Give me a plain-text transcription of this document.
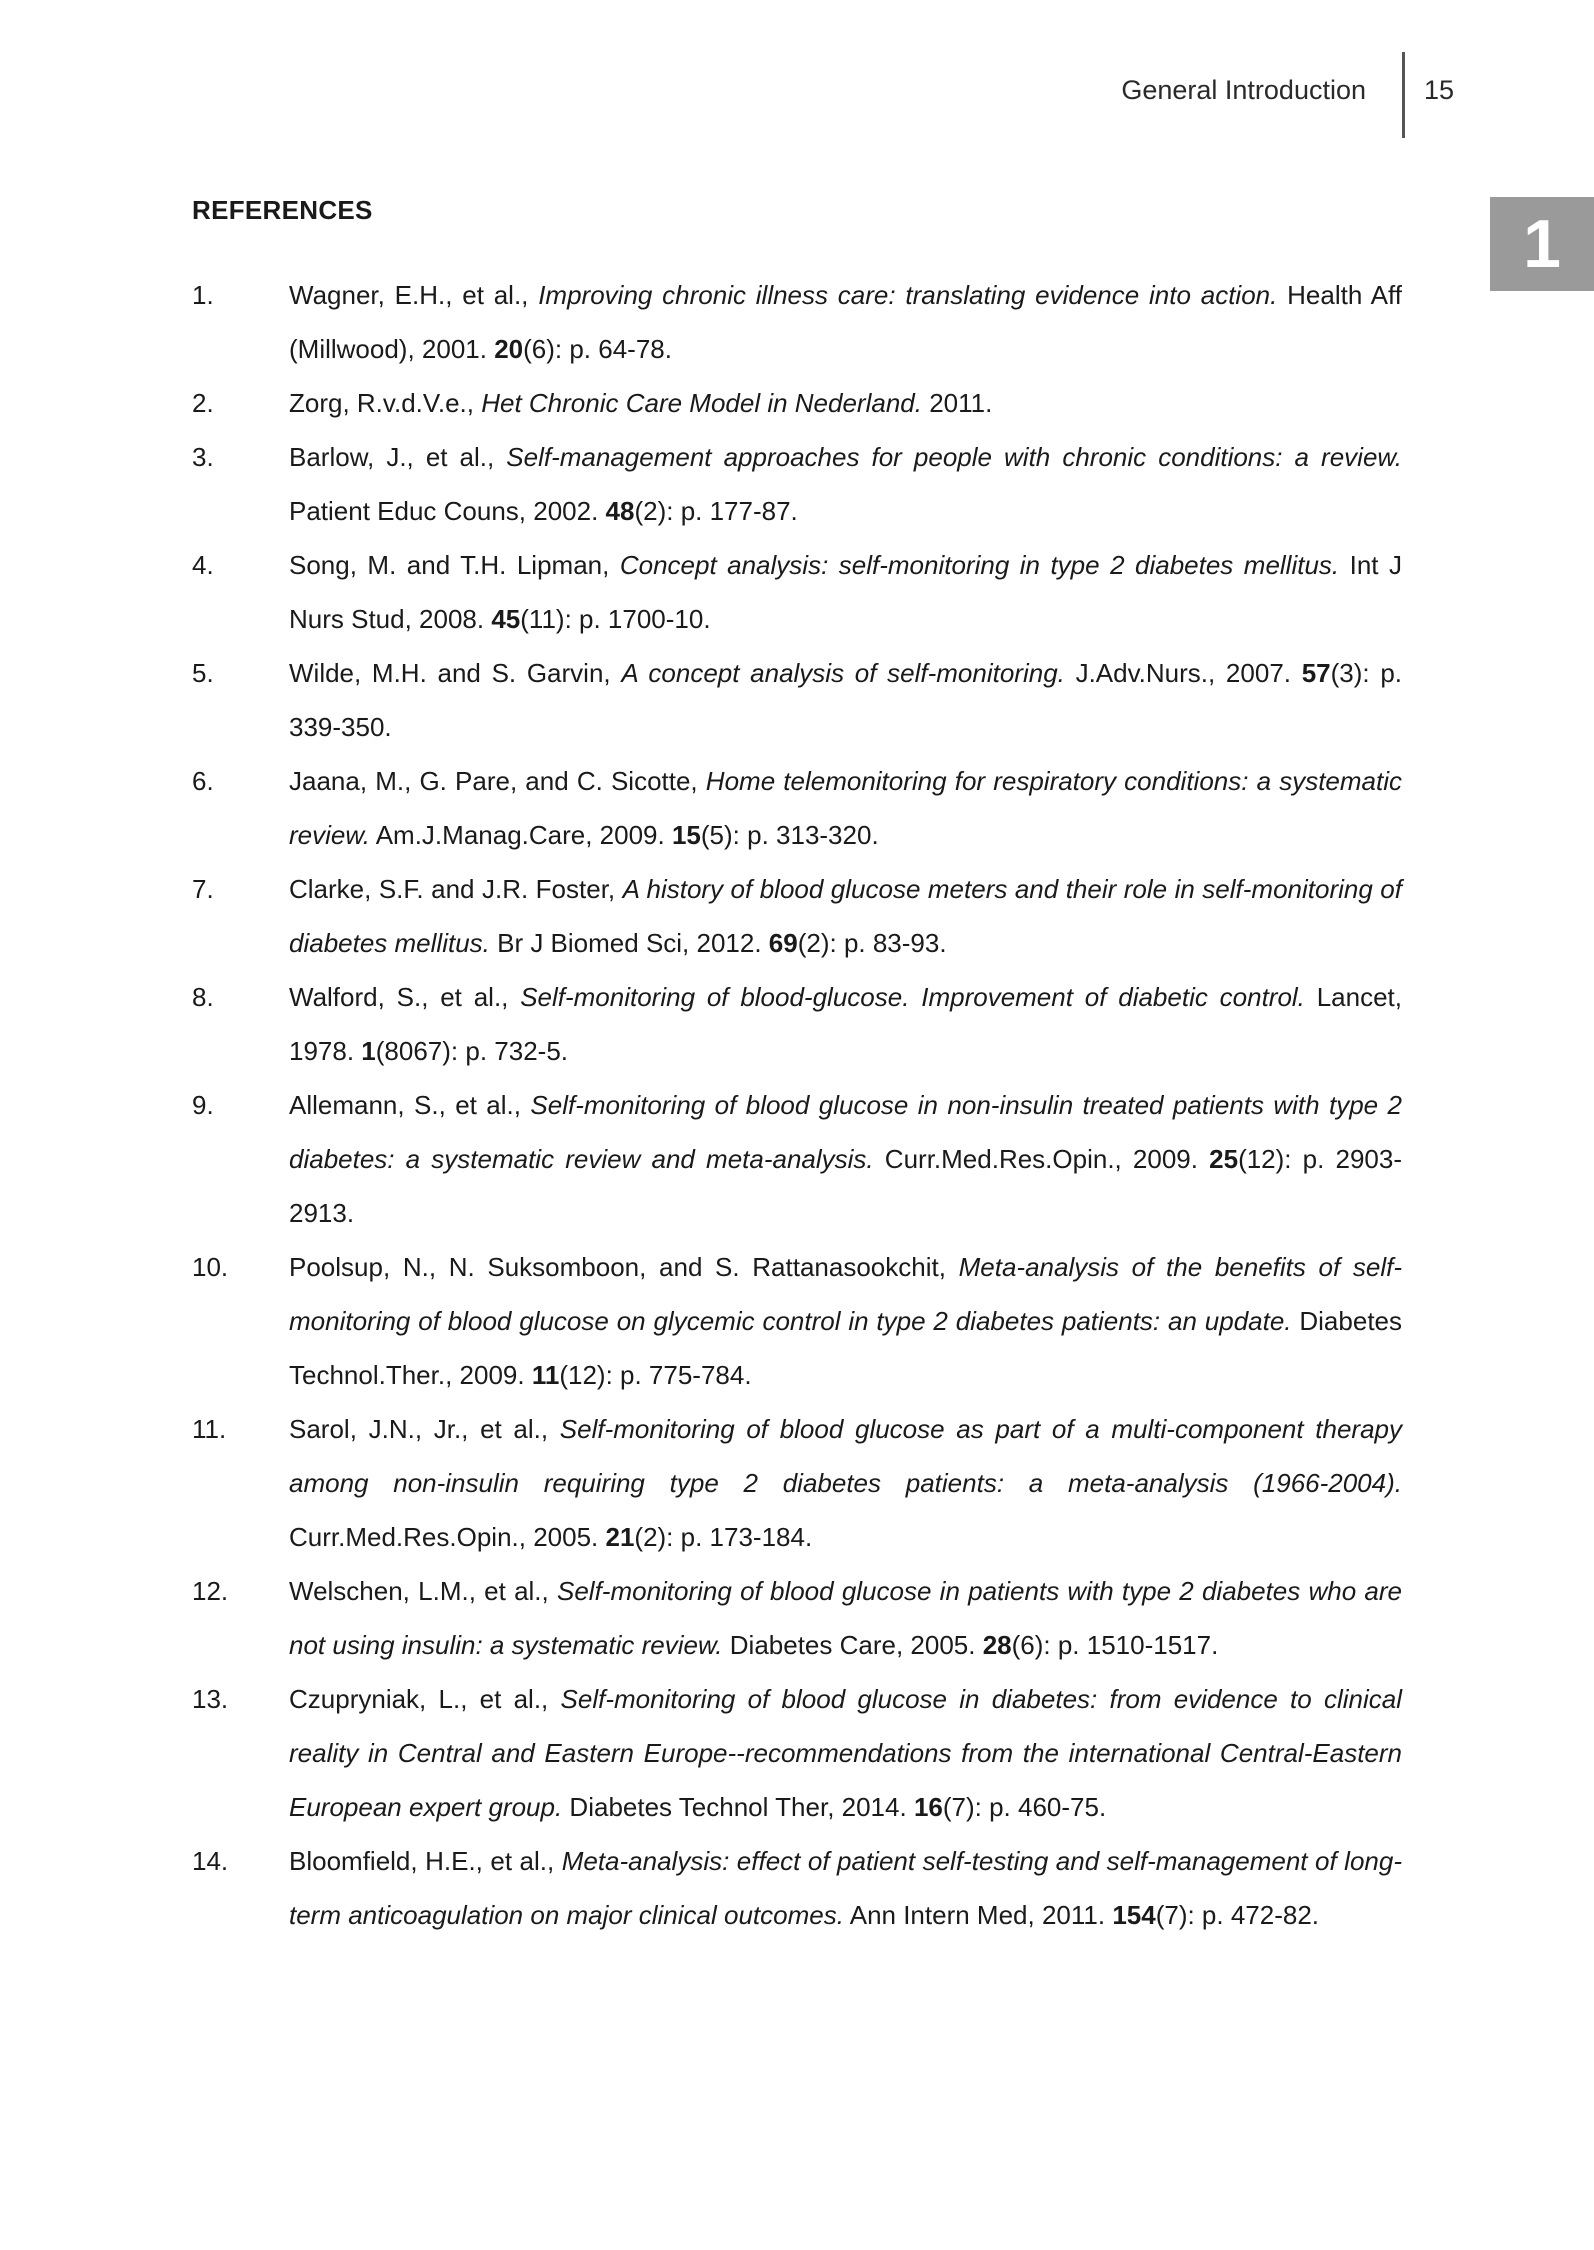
General Introduction 15
1
REFERENCES
1.	Wagner, E.H., et al., Improving chronic illness care: translating evidence into action. Health Aff (Millwood), 2001. 20(6): p. 64-78.
2.	Zorg, R.v.d.V.e., Het Chronic Care Model in Nederland. 2011.
3.	Barlow, J., et al., Self-management approaches for people with chronic conditions: a review. Patient Educ Couns, 2002. 48(2): p. 177-87.
4.	Song, M. and T.H. Lipman, Concept analysis: self-monitoring in type 2 diabetes mellitus. Int J Nurs Stud, 2008. 45(11): p. 1700-10.
5.	Wilde, M.H. and S. Garvin, A concept analysis of self-monitoring. J.Adv.Nurs., 2007. 57(3): p. 339-350.
6.	Jaana, M., G. Pare, and C. Sicotte, Home telemonitoring for respiratory conditions: a systematic review. Am.J.Manag.Care, 2009. 15(5): p. 313-320.
7.	Clarke, S.F. and J.R. Foster, A history of blood glucose meters and their role in self-monitoring of diabetes mellitus. Br J Biomed Sci, 2012. 69(2): p. 83-93.
8.	Walford, S., et al., Self-monitoring of blood-glucose. Improvement of diabetic control. Lancet, 1978. 1(8067): p. 732-5.
9.	Allemann, S., et al., Self-monitoring of blood glucose in non-insulin treated patients with type 2 diabetes: a systematic review and meta-analysis. Curr.Med.Res.Opin., 2009. 25(12): p. 2903-2913.
10.	Poolsup, N., N. Suksomboon, and S. Rattanasookchit, Meta-analysis of the benefits of self-monitoring of blood glucose on glycemic control in type 2 diabetes patients: an update. Diabetes Technol.Ther., 2009. 11(12): p. 775-784.
11.	Sarol, J.N., Jr., et al., Self-monitoring of blood glucose as part of a multi-component therapy among non-insulin requiring type 2 diabetes patients: a meta-analysis (1966-2004). Curr.Med.Res.Opin., 2005. 21(2): p. 173-184.
12.	Welschen, L.M., et al., Self-monitoring of blood glucose in patients with type 2 diabetes who are not using insulin: a systematic review. Diabetes Care, 2005. 28(6): p. 1510-1517.
13.	Czupryniak, L., et al., Self-monitoring of blood glucose in diabetes: from evidence to clinical reality in Central and Eastern Europe--recommendations from the international Central-Eastern European expert group. Diabetes Technol Ther, 2014. 16(7): p. 460-75.
14.	Bloomfield, H.E., et al., Meta-analysis: effect of patient self-testing and self-management of long-term anticoagulation on major clinical outcomes. Ann Intern Med, 2011. 154(7): p. 472-82.
